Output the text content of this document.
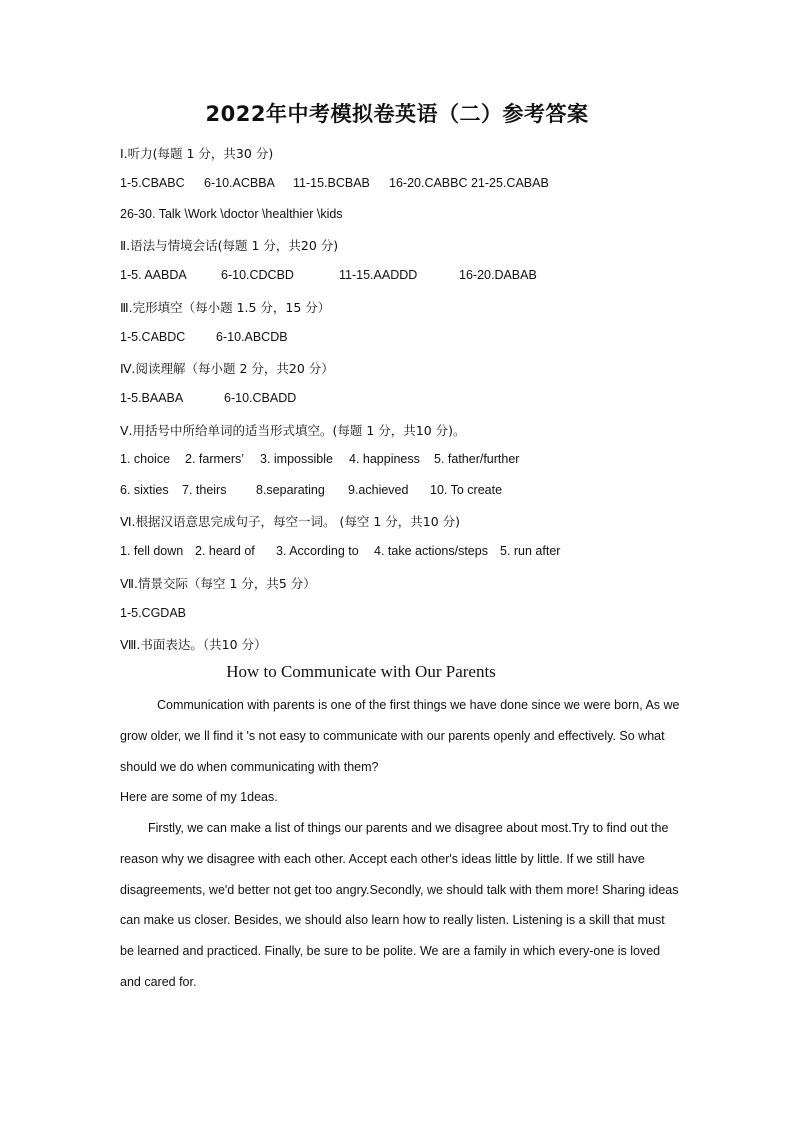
2022年中考模拟卷英语（二）参考答案
Ⅰ.听力(每题 1 分，共30 分)
1-5.CBABC 6-10.ACBBA 11-15.BCBAB 16-20.CABBC 21-25.CABAB
26-30. Talk \Work \doctor \healthier \kids
Ⅱ.语法与情境会话(每题 1 分，共20 分)
1-5. AABDA	6-10.CDCBD	11-15.AADDD	16-20.DABAB
Ⅲ.完形填空（每小题 1.5 分，15 分）
1-5.CABDC 6-10.ABCDB
Ⅳ.阅读理解（每小题 2 分，共20 分）
1-5.BAABA	6-10.CBADD
Ⅴ.用括号中所给单词的适当形式填空。(每题 1 分，共10 分)。
1. choice 2. farmers’ 3. impossible 4. happiness 5. father/further
6. sixties 7. theirs 8.separating 9.achieved 10. To create
Ⅵ.根据汉语意思完成句子，每空一词。 (每空 1 分，共10 分)
1. fell down 2. heard of 3. According to 4. take actions/steps 5. run after
Ⅶ.情景交际（每空 1 分，共5 分）
1-5.CGDAB
Ⅷ.书面表达。（共10 分）
How to Communicate with Our Parents
Communication with parents is one of the first things we have done since we were born, As we grow older, we ll find it 's not easy to communicate with our parents openly and effectively. So what should we do when communicating with them?
Here are some of my 1deas.
Firstly, we can make a list of things our parents and we disagree about most.Try to find out the reason why we disagree with each other. Accept each other's ideas little by little. If we still have disagreements, we'd better not get too angry.Secondly, we should talk with them more! Sharing ideas can make us closer. Besides, we should also learn how to really listen. Listening is a skill that must be learned and practiced. Finally, be sure to be polite. We are a family in which every-one is loved and cared for.
